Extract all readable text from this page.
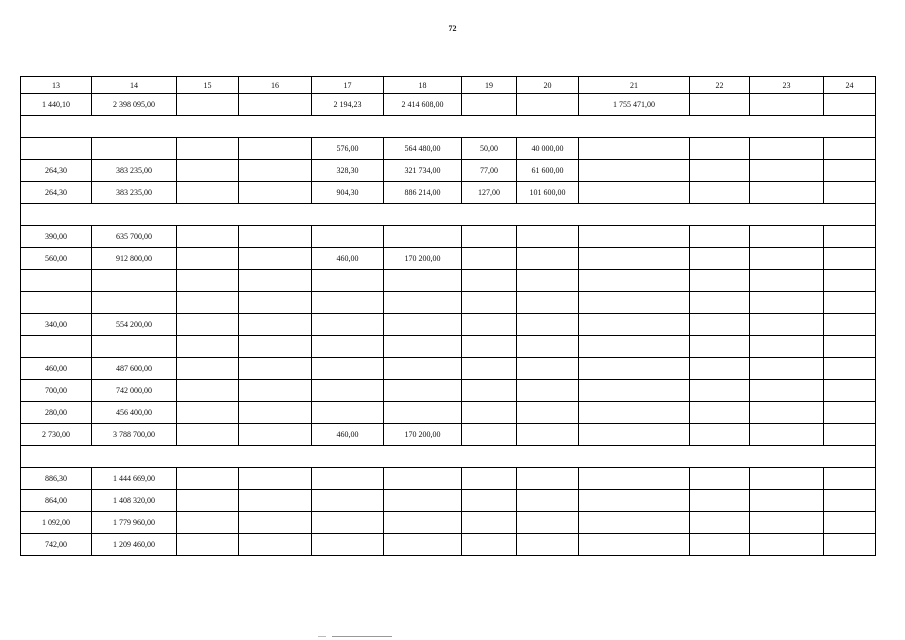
72
13	14	15	16	17	18	19	20	21	22	23	24
1 440,10	2 398 095,00			2 194,23	2 414 608,00			1 755 471,00			

				576,00	564 480,00	50,00	40 000,00				
264,30	383 235,00			328,30	321 734,00	77,00	61 600,00				
264,30	383 235,00			904,30	886 214,00	127,00	101 600,00				

390,00	635 700,00										
560,00	912 800,00			460,00	170 200,00						

340,00	554 200,00										

460,00	487 600,00										
700,00	742 000,00										
280,00	456 400,00										
2 730,00	3 788 700,00			460,00	170 200,00						

886,30	1 444 669,00										
864,00	1 408 320,00										
1 092,00	1 779 960,00										
742,00	1 209 460,00										
